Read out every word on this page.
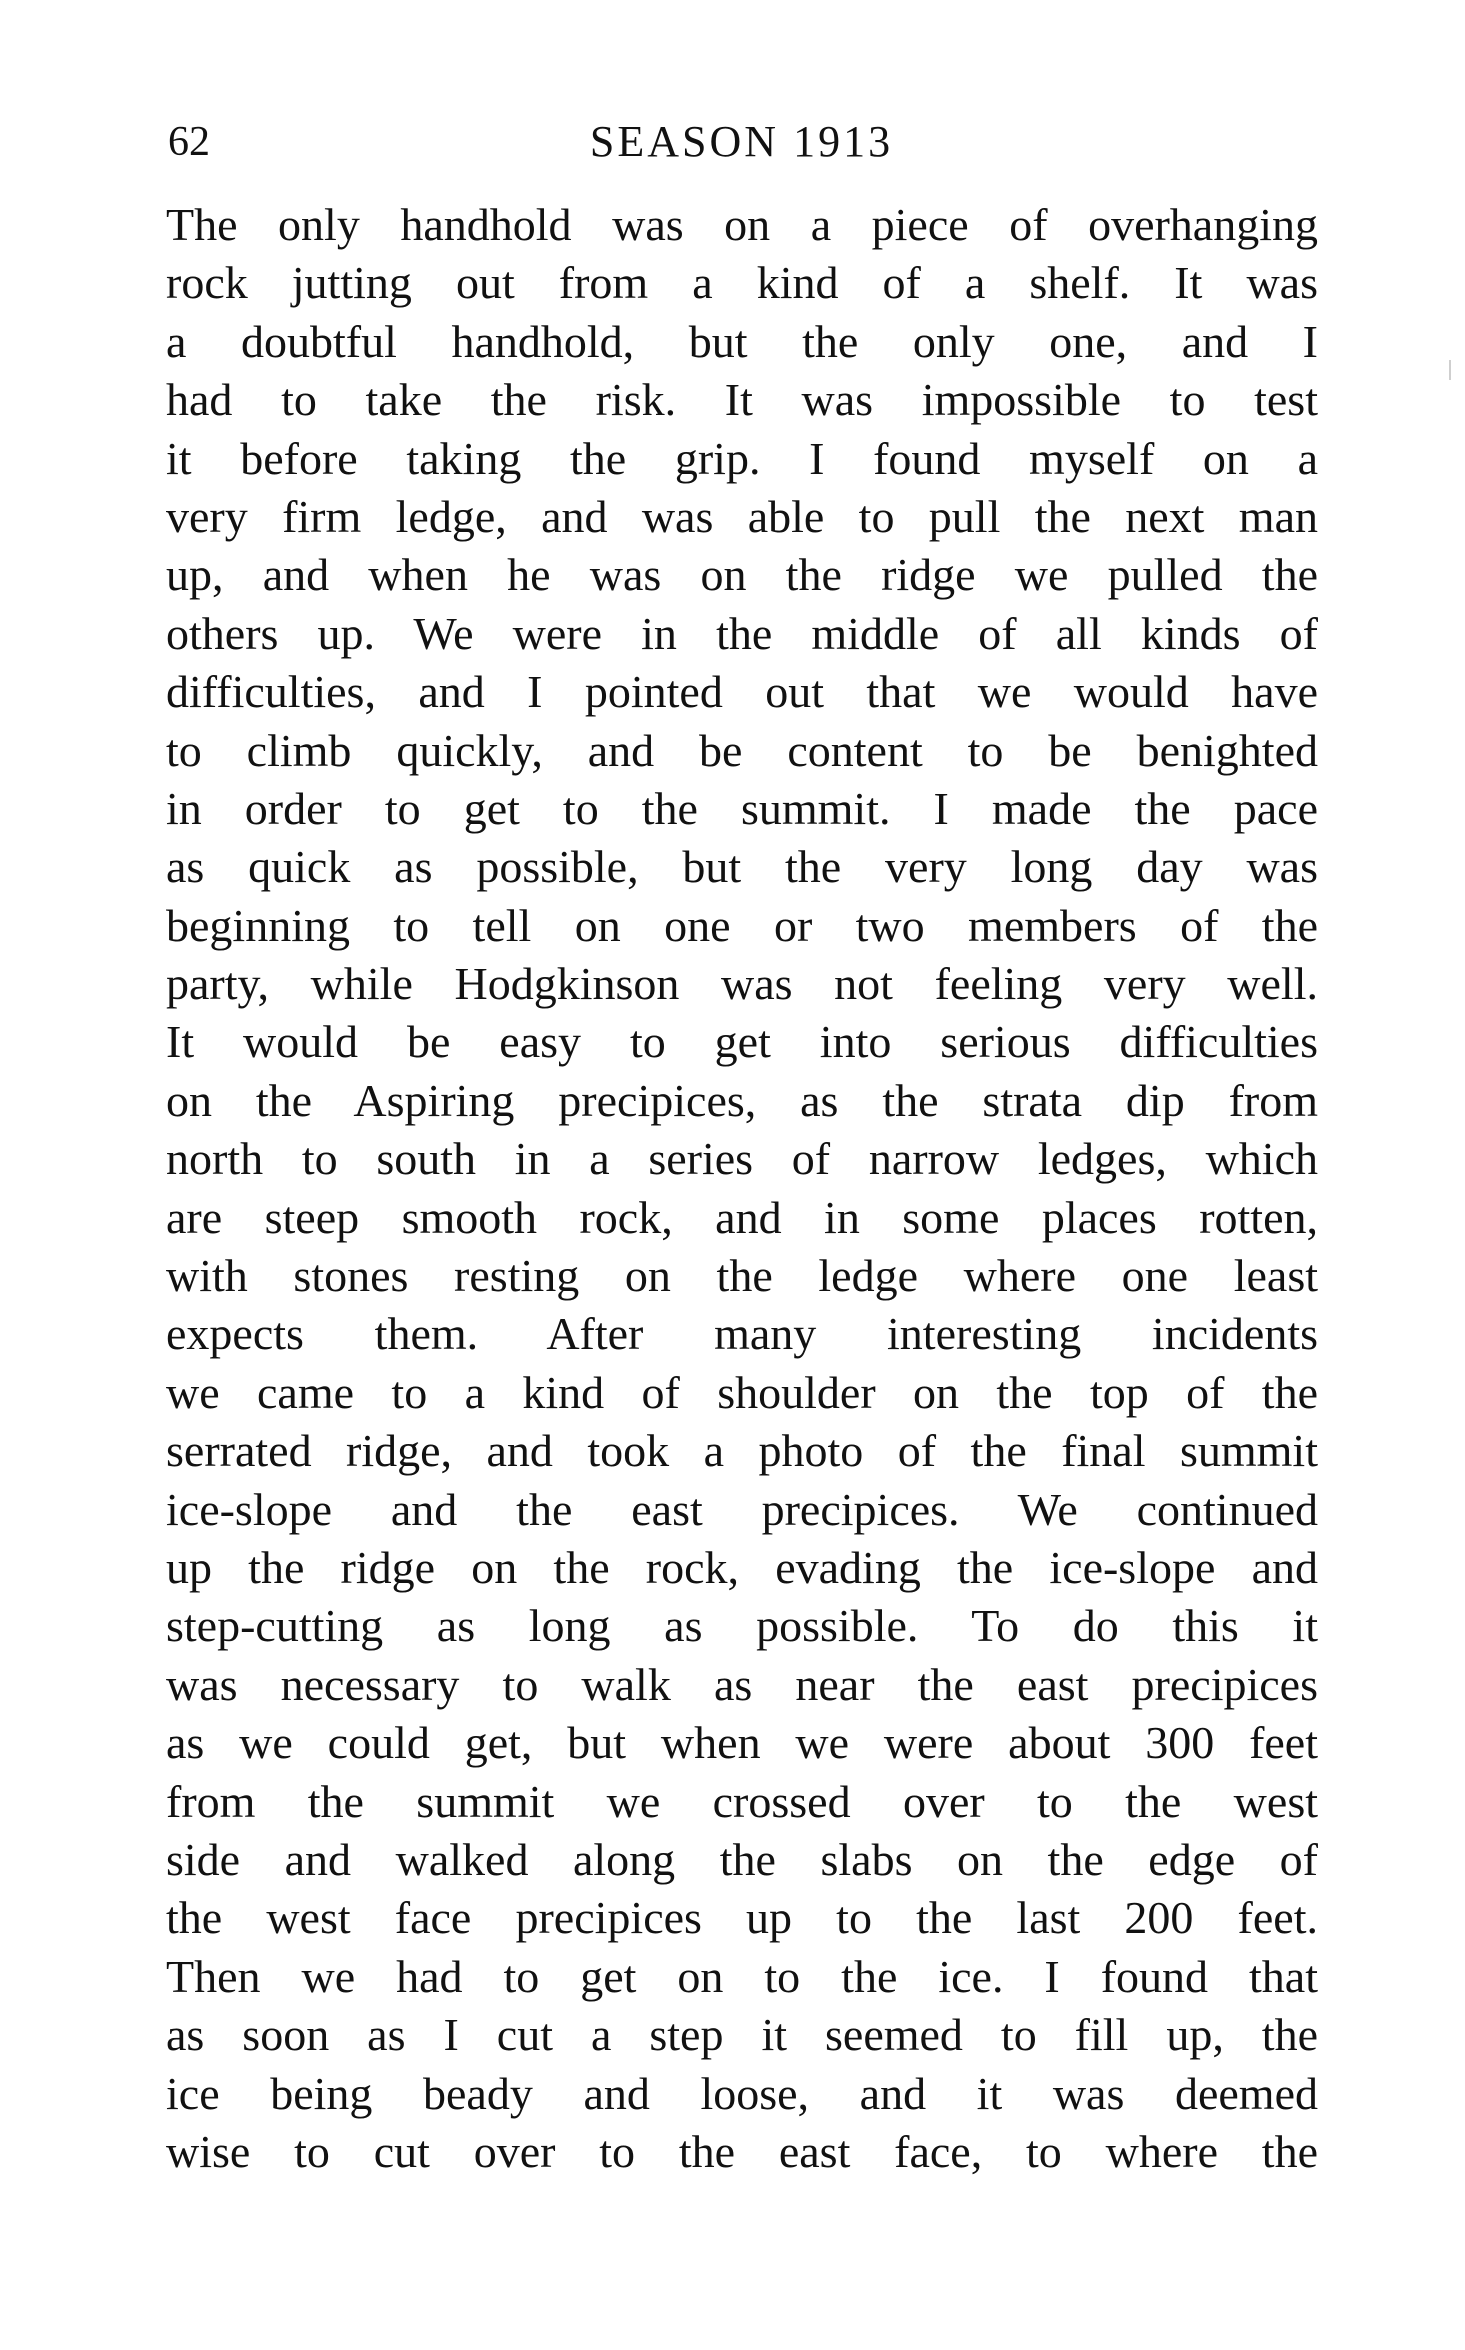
62	SEASON 1913
The only handhold was on a piece of overhanging
rock jutting out from a kind of a shelf. It was
a doubtful handhold, but the only one, and I
had to take the risk. It was impossible to test
it before taking the grip. I found myself on a
very firm ledge, and was able to pull the next man
up, and when he was on the ridge we pulled the
others up. We were in the middle of all kinds of
difficulties, and I pointed out that we would have
to climb quickly, and be content to be benighted
in order to get to the summit. I made the pace
as quick as possible, but the very long day was
beginning to tell on one or two members of the
party, while Hodgkinson was not feeling very well.
It would be easy to get into serious difficulties
on the Aspiring precipices, as the strata dip from
north to south in a series of narrow ledges, which
are steep smooth rock, and in some places rotten,
with stones resting on the ledge where one least
expects them. After many interesting incidents
we came to a kind of shoulder on the top of the
serrated ridge, and took a photo of the final summit
ice-slope and the east precipices. We continued
up the ridge on the rock, evading the ice-slope and
step-cutting as long as possible. To do this it
was necessary to walk as near the east precipices
as we could get, but when we were about 300 feet
from the summit we crossed over to the west
side and walked along the slabs on the edge of
the west face precipices up to the last 200 feet.
Then we had to get on to the ice. I found that
as soon as I cut a step it seemed to fill up, the
ice being beady and loose, and it was deemed
wise to cut over to the east face, to where the
